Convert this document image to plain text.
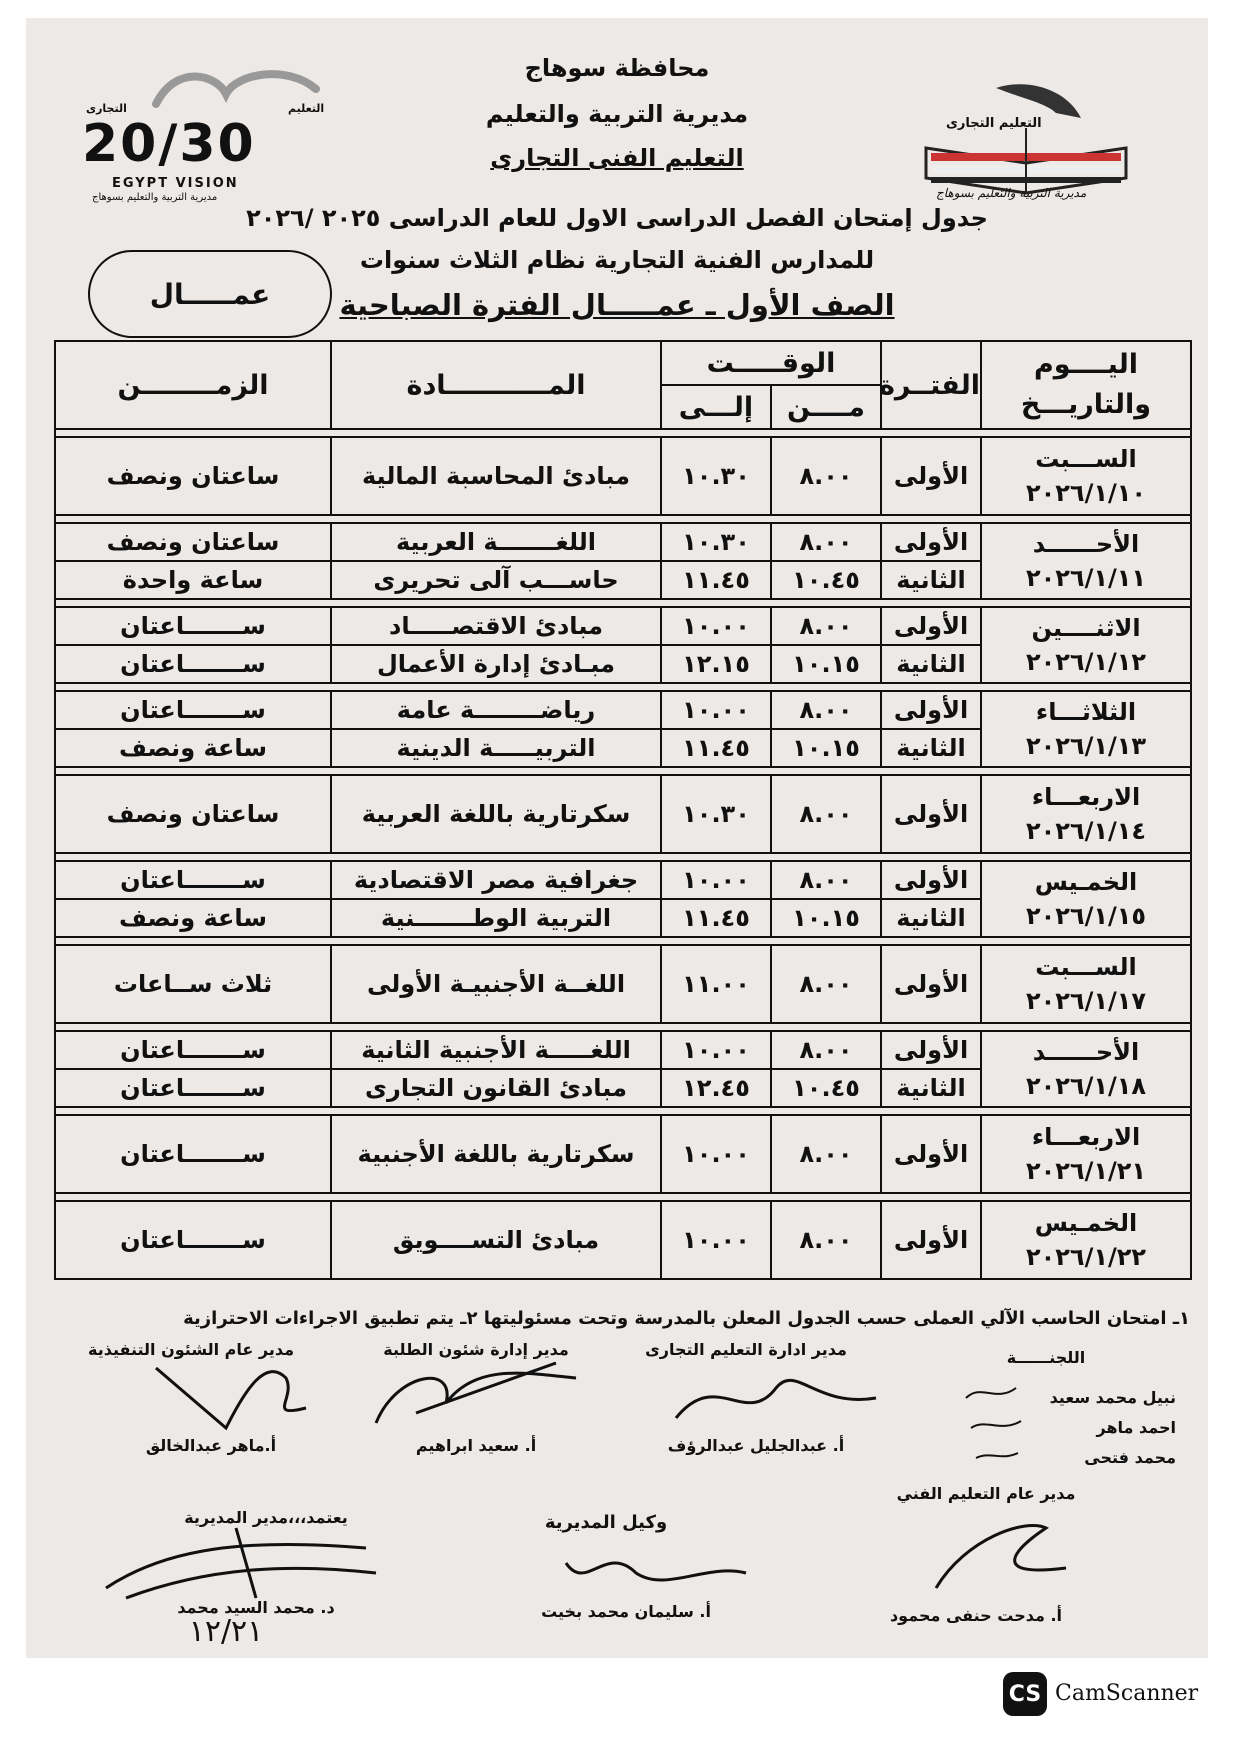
التعليم التجارى
مديرية التربية والتعليم بسوهاج
التعليم
التجارى
20/30
EGYPT VISION
مديرية التربية والتعليم بسوهاج
محافظة سوهاج
مديرية التربية والتعليم
التعليم الفنى التجارى
جدول إمتحان الفصل الدراسى الاول للعام الدراسى ٢٠٢٥ /٢٠٢٦
للمدارس الفنية التجارية نظام الثلاث سنوات
الصف الأول ـ عمـــــال الفترة الصباحية
عمـــــال
اليــــوم والتاريـــخ	الفتــرة	الوقـــــت		المـــــــــــادة	الزمــــــــن
		مــــن	إلـــى		

الســـبت
٢٠٢٦/١/١٠	الأولى	٨.٠٠	١٠.٣٠	مبادئ المحاسبة المالية	ساعتان ونصف

الأحــــــد
٢٠٢٦/١/١١	الأولى	٨.٠٠	١٠.٣٠	اللغـــــــة العربية	ساعتان ونصف
	الثانية	١٠.٤٥	١١.٤٥	حاســـب آلى تحريرى	ساعة واحدة

الاثنــــين
٢٠٢٦/١/١٢	الأولى	٨.٠٠	١٠.٠٠	مبادئ الاقتصـــــاد	ســـــــاعتان
	الثانية	١٠.١٥	١٢.١٥	مبـادئ إدارة الأعمال	ســـــــاعتان

الثلاثـــاء
٢٠٢٦/١/١٣	الأولى	٨.٠٠	١٠.٠٠	رياضــــــــة عامة	ســـــــاعتان
	الثانية	١٠.١٥	١١.٤٥	التربيـــــة الدينية	ساعة ونصف

الاربعـــاء
٢٠٢٦/١/١٤	الأولى	٨.٠٠	١٠.٣٠	سكرتارية باللغة العربية	ساعتان ونصف

الخمـيس
٢٠٢٦/١/١٥	الأولى	٨.٠٠	١٠.٠٠	جغرافية مصر الاقتصادية	ســـــــاعتان
	الثانية	١٠.١٥	١١.٤٥	التربية الوطـــــــنية	ساعة ونصف

الســـبت
٢٠٢٦/١/١٧	الأولى	٨.٠٠	١١.٠٠	اللغــة الأجنبيـة الأولى	ثلاث ســاعات

الأحــــــد
٢٠٢٦/١/١٨	الأولى	٨.٠٠	١٠.٠٠	اللغـــــة الأجنبية الثانية	ســـــــاعتان
	الثانية	١٠.٤٥	١٢.٤٥	مبادئ القانون التجارى	ســـــــاعتان

الاربعـــاء
٢٠٢٦/١/٢١	الأولى	٨.٠٠	١٠.٠٠	سكرتارية باللغة الأجنبية	ســـــــاعتان

الخمـيس
٢٠٢٦/١/٢٢	الأولى	٨.٠٠	١٠.٠٠	مبادئ التســــويق	ســـــــاعتان
١ـ امتحان الحاسب الآلي العملى حسب الجدول المعلن بالمدرسة وتحت مسئوليتها ٢ـ يتم تطبيق الاجراءات الاحترازية
اللجنــــــة
نبيل محمد سعيد
احمد ماهر
محمد فتحى
مدير ادارة التعليم التجارى
أ. عبدالجليل عبدالرؤف
مدير إدارة شئون الطلبة
أ. سعيد ابراهيم
مدير عام الشئون التنفيذية
أ.ماهر عبدالخالق
مدير عام التعليم الفني
أ. مدحت حنفى محمود
وكيل المديرية
أ. سليمان محمد بخيت
يعتمد،،،مدير المديرية
د. محمد السيد محمد
١٢/٢١
CS CamScanner
